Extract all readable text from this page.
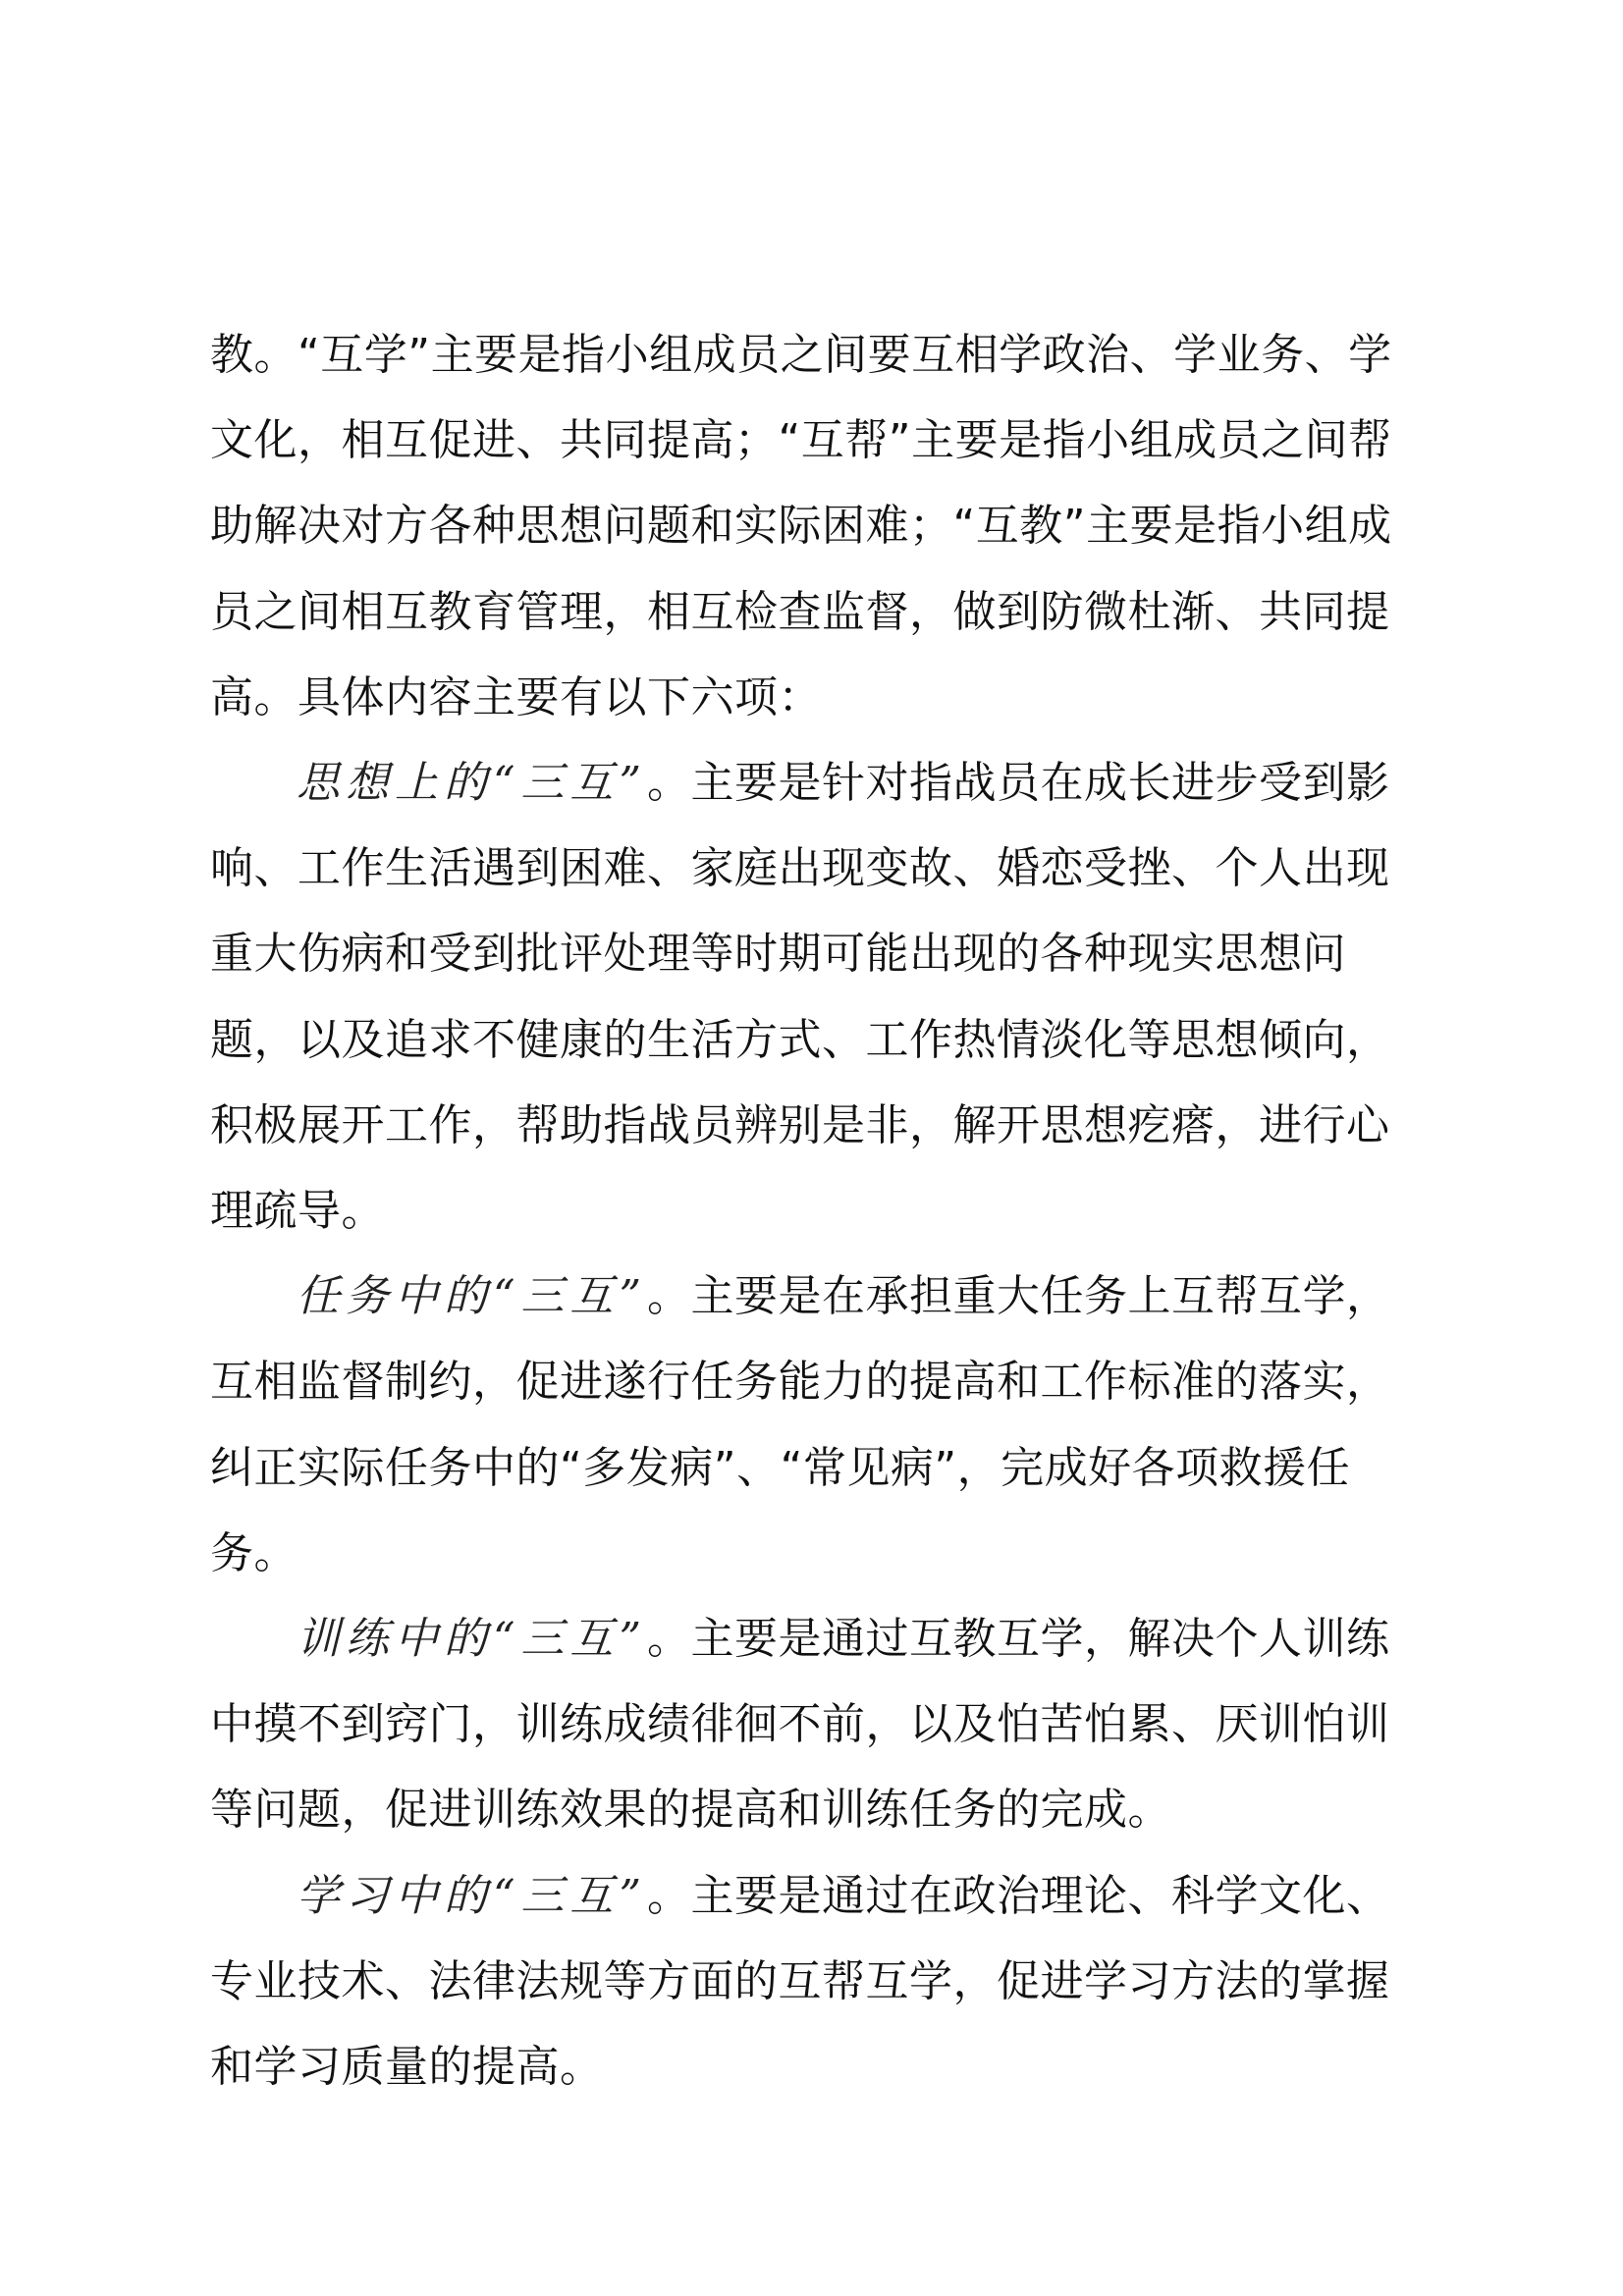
教。“互学”主要是指小组成员之间要互相学政治、学业务、学文化，相互促进、共同提高；“互帮”主要是指小组成员之间帮助解决对方各种思想问题和实际困难；“互教”主要是指小组成员之间相互教育管理，相互检查监督，做到防微杜渐、共同提高。具体内容主要有以下六项：

思想上的“三互”。主要是针对指战员在成长进步受到影响、工作生活遇到困难、家庭出现变故、婚恋受挫、个人出现重大伤病和受到批评处理等时期可能出现的各种现实思想问题，以及追求不健康的生活方式、工作热情淡化等思想倾向，积极展开工作，帮助指战员辨别是非，解开思想疙瘩，进行心理疏导。

任务中的“三互”。主要是在承担重大任务上互帮互学，互相监督制约，促进遂行任务能力的提高和工作标准的落实，纠正实际任务中的“多发病”、“常见病”，完成好各项救援任务。

训练中的“三互”。主要是通过互教互学，解决个人训练中摸不到窍门，训练成绩徘徊不前，以及怕苦怕累、厌训怕训等问题，促进训练效果的提高和训练任务的完成。

学习中的“三互”。主要是通过在政治理论、科学文化、专业技术、法律法规等方面的互帮互学，促进学习方法的掌握和学习质量的提高。
